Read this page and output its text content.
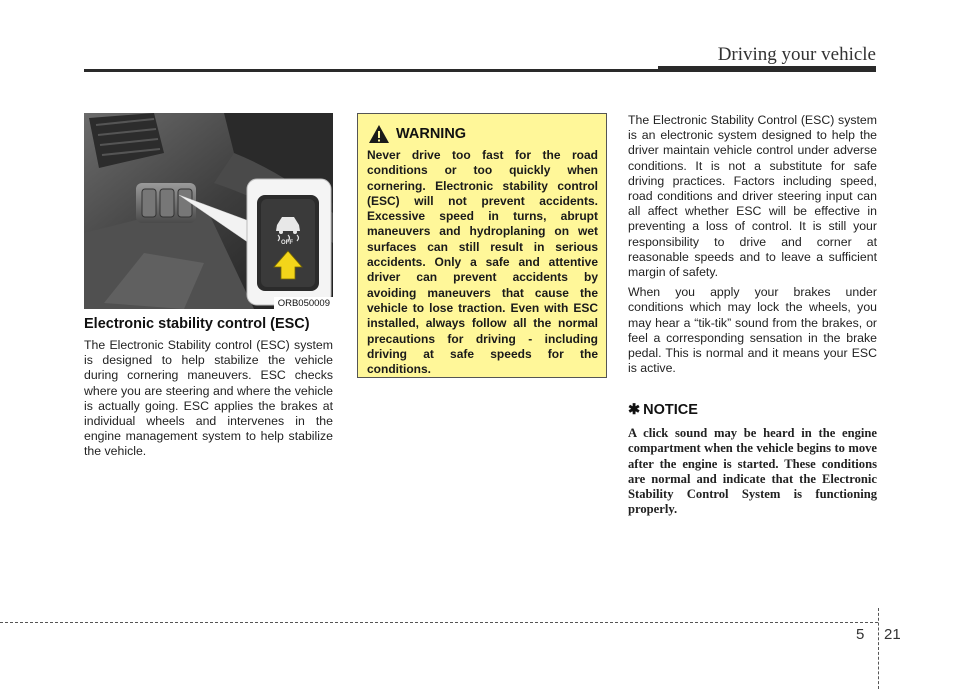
Driving your vehicle
OFF
ORB050009
Electronic stability control (ESC)
The Electronic Stability control (ESC) system is designed to help stabilize the vehicle during cornering maneuvers. ESC checks where you are steering and where the vehicle is actually going. ESC applies the brakes at individual wheels and intervenes in the engine management system to help stabilize the vehicle.
WARNING
Never drive too fast for the road conditions or too quickly when cornering. Electronic stability control (ESC) will not prevent accidents. Excessive speed in turns, abrupt maneuvers and hydroplaning on wet surfaces can still result in serious accidents. Only a safe and attentive driver can prevent accidents by avoiding maneuvers that cause the vehicle to lose traction. Even with ESC installed, always follow all the normal precautions for driving - including driving at safe speeds for the conditions.

The Electronic Stability Control (ESC) system is an electronic system designed to help the driver maintain vehicle control under adverse conditions. It is not a substitute for safe driving practices. Factors including speed, road conditions and driver steering input can all affect whether ESC will be effective in preventing a loss of control. It is still your responsibility to drive and corner at reasonable speeds and to leave a sufficient margin of safety.

When you apply your brakes under conditions which may lock the wheels, you may hear a “tik-tik” sound from the brakes, or feel a corresponding sensation in the brake pedal. This is normal and it means your ESC is active.

✱ NOTICE
A click sound may be heard in the engine compartment when the vehicle begins to move after the engine is started. These conditions are normal and indicate that the Electronic Stability Control System is functioning properly.
5 21
